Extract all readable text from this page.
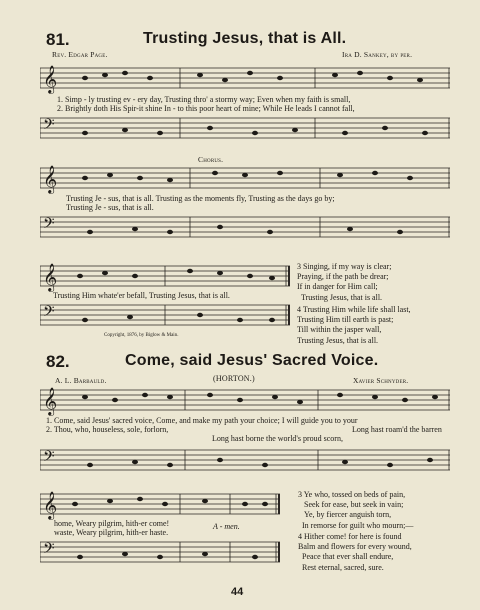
81.	Trusting Jesus, that is All.
Rev. Edgar Page.	Ira D. Sankey, by per.
𝄞
1. Simp - ly trusting ev - ery day, Trusting thro' a stormy way; Even when my faith is small,
2. Brightly doth His Spir-it shine In - to this poor heart of mine; While He leads I cannot fall,
𝄢
Chorus.
𝄞
Trusting Je - sus, that is all. Trusting as the moments fly, Trusting as the days go by;
Trusting Je - sus, that is all.
𝄢
𝄞
Trusting Him whate'er befall, Trusting Jesus, that is all.
𝄢
Copyright, 1876, by Biglow & Main.
3 Singing, if my way is clear;
Praying, if the path be drear;
If in danger for Him call;
Trusting Jesus, that is all.
4 Trusting Him while life shall last,
Trusting Him till earth is past;
Till within the jasper wall,
Trusting Jesus, that is all.
82.	Come, said Jesus' Sacred Voice.
(HORTON.)
A. L. Barbauld.	Xavier Schnyder.
𝄞
1. Come, said Jesus' sacred voice, Come, and make my path your choice; I will guide you to your
2. Thou, who, houseless, sole, forlorn,
Long hast borne the world's proud scorn,
Long hast roam'd the barren
𝄢
𝄞
home, Weary pilgrim, hith-er come!
waste, Weary pilgrim, hith-er haste.
A - men.
𝄢
3 Ye who, tossed on beds of pain,
Seek for ease, but seek in vain;
Ye, by fiercer anguish torn,
In remorse for guilt who mourn;—
4 Hither come! for here is found
Balm and flowers for every wound,
Peace that ever shall endure,
Rest eternal, sacred, sure.
44
